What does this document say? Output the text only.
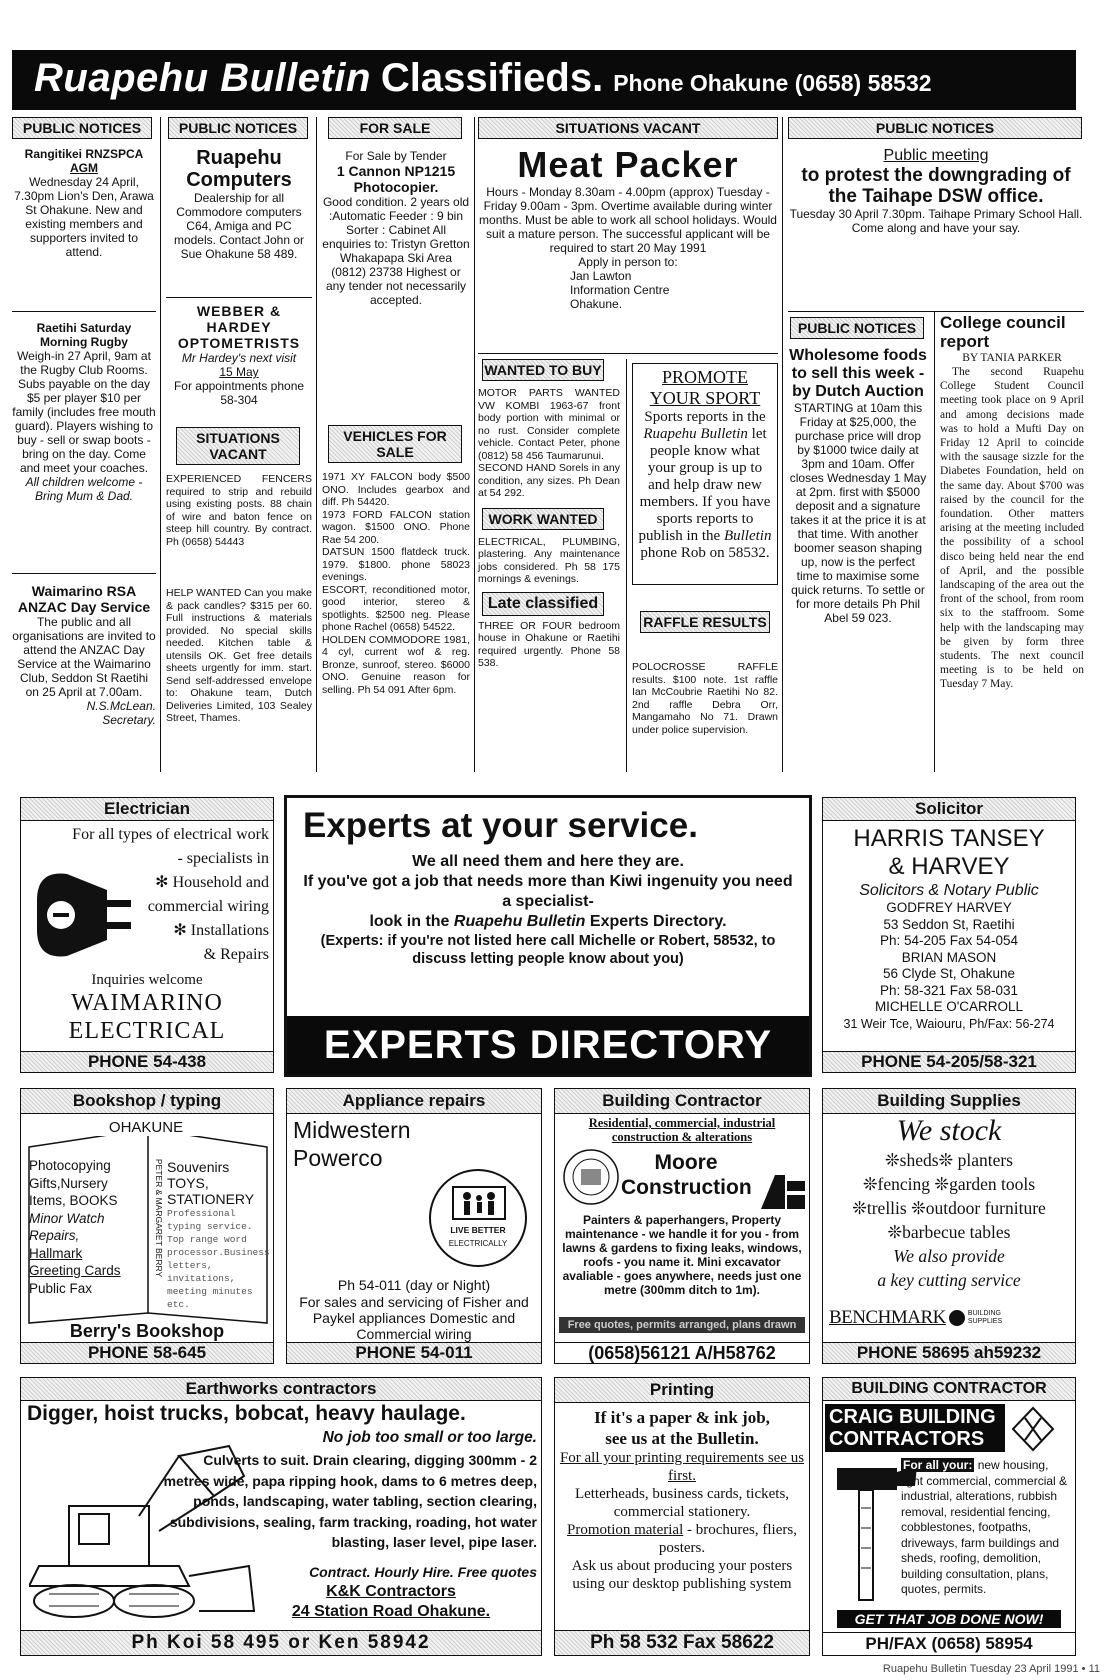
Ruapehu Bulletin Classifieds. Phone Ohakune (0658) 58532
PUBLIC NOTICES
Rangitikei RNZSPCA
AGM
Wednesday 24 April, 7.30pm Lion's Den, Arawa St Ohakune. New and existing members and supporters invited to attend.
Raetihi Saturday Morning Rugby
Weigh-in 27 April, 9am at the Rugby Club Rooms. Subs payable on the day $5 per player $10 per family (includes free mouth guard). Players wishing to buy - sell or swap boots - bring on the day. Come and meet your coaches.
All children welcome - Bring Mum & Dad.
Waimarino RSA ANZAC Day Service
The public and all organisations are invited to attend the ANZAC Day Service at the Waimarino Club, Seddon St Raetihi on 25 April at 7.00am.
N.S.McLean.
Secretary.
PUBLIC NOTICES
Ruapehu Computers
Dealership for all Commodore computers C64, Amiga and PC models. Contact John or Sue Ohakune 58 489.
WEBBER & HARDEY OPTOMETRISTS
Mr Hardey's next visit
15 May
For appointments phone 58-304
SITUATIONS VACANT
EXPERIENCED FENCERS required to strip and rebuild using existing posts. 88 chain of wire and baton fence on steep hill country. By contract. Ph (0658) 54443
HELP WANTED Can you make & pack candles? $315 per 60. Full instructions & materials provided. No special skills needed. Kitchen table & utensils OK. Get free details sheets urgently for imm. start. Send self-addressed envelope to: Ohakune team, Dutch Deliveries Limited, 103 Sealey Street, Thames.
FOR SALE
For Sale by Tender
1 Cannon NP1215 Photocopier.
Good condition. 2 years old :Automatic Feeder : 9 bin Sorter : Cabinet All enquiries to: Tristyn Gretton Whakapapa Ski Area (0812) 23738 Highest or any tender not necessarily accepted.
VEHICLES FOR SALE
1971 XY FALCON body $500 ONO. Includes gearbox and diff. Ph 54420.
1973 FORD FALCON station wagon. $1500 ONO. Phone Rae 54 200.
DATSUN 1500 flatdeck truck. 1979. $1800. phone 58023 evenings.
ESCORT, reconditioned motor, good interior, stereo & spotlights. $2500 neg. Please phone Rachel (0658) 54522.
HOLDEN COMMODORE 1981, 4 cyl, current wof & reg. Bronze, sunroof, stereo. $6000 ONO. Genuine reason for selling. Ph 54 091 After 6pm.
SITUATIONS VACANT
Meat Packer
Hours - Monday 8.30am - 4.00pm (approx) Tuesday - Friday 9.00am - 3pm. Overtime available during winter months. Must be able to work all school holidays. Would suit a mature person. The successful applicant will be required to start 20 May 1991
Apply in person to:
Jan Lawton
Information Centre
Ohakune.
WANTED TO BUY
MOTOR PARTS WANTED VW KOMBI 1963-67 front body portion with minimal or no rust. Consider complete vehicle. Contact Peter, phone (0812) 58 456 Taumarunui.
SECOND HAND Sorels in any condition, any sizes. Ph Dean at 54 292.
WORK WANTED
ELECTRICAL, PLUMBING, plastering. Any maintenance jobs considered. Ph 58 175 mornings & evenings.
Late classified
THREE OR FOUR bedroom house in Ohakune or Raetihi required urgently. Phone 58 538.
PROMOTE
YOUR SPORT
Sports reports in the Ruapehu Bulletin let people know what your group is up to and help draw new members. If you have sports reports to publish in the Bulletin phone Rob on 58532.
RAFFLE RESULTS
POLOCROSSE RAFFLE results. $100 note. 1st raffle Ian McCoubrie Raetihi No 82. 2nd raffle Debra Orr, Mangamaho No 71. Drawn under police supervision.
PUBLIC NOTICES
Public meeting
to protest the downgrading of the Taihape DSW office.
Tuesday 30 April 7.30pm. Taihape Primary School Hall. Come along and have your say.
PUBLIC NOTICES
Wholesome foods to sell this week - by Dutch Auction
STARTING at 10am this Friday at $25,000, the purchase price will drop by $1000 twice daily at 3pm and 10am. Offer closes Wednesday 1 May at 2pm. first with $5000 deposit and a signature takes it at the price it is at that time. With another boomer season shaping up, now is the perfect time to maximise some quick returns. To settle or for more details Ph Phil Abel 59 023.
College council report
BY TANIA PARKER
The second Ruapehu College Student Council meeting took place on 9 April and among decisions made was to hold a Mufti Day on Friday 12 April to coincide with the sausage sizzle for the Diabetes Foundation, held on the same day. About $700 was raised by the council for the foundation. Other matters arising at the meeting included the possibility of a school disco being held near the end of April, and the possible landscaping of the area out the front of the school, from room six to the staffroom. Some help with the landscaping may be given by form three students. The next council meeting is to be held on Tuesday 7 May.
Electrician
For all types of electrical work
- specialists in
✻ Household and
commercial wiring
✻ Installations
& Repairs
Inquiries welcome
WAIMARINO
ELECTRICAL
PHONE 54-438
Experts at your service.
We all need them and here they are.
If you've got a job that needs more than Kiwi ingenuity you need a specialist-
look in the Ruapehu Bulletin Experts Directory.
(Experts: if you're not listed here call Michelle or Robert, 58532, to discuss letting people know about you)
EXPERTS DIRECTORY
Solicitor
HARRIS TANSEY
& HARVEY
Solicitors & Notary Public
GODFREY HARVEY
53 Seddon St, Raetihi
Ph: 54-205 Fax 54-054
BRIAN MASON
56 Clyde St, Ohakune
Ph: 58-321 Fax 58-031
MICHELLE O'CARROLL
31 Weir Tce, Waiouru, Ph/Fax: 56-274
PHONE 54-205/58-321
Bookshop / typing
OHAKUNE
Photocopying
Gifts,Nursery
Items, BOOKS
Minor Watch
Repairs,
Hallmark
Greeting Cards
Public Fax
PETER & MARGARET BERRY Souvenirs
TOYS,
STATIONERY
Professional typing service. Top range word processor.Business letters, invitations, meeting minutes etc.
Berry's Bookshop
PHONE 58-645
Appliance repairs
Midwestern
Powerco
LIVE BETTER
ELECTRICALLY
Ph 54-011 (day or Night)
For sales and servicing of Fisher and Paykel appliances Domestic and Commercial wiring
PHONE 54-011
Building Contractor
Residential, commercial, industrial construction & alterations
Moore
Construction
Painters & paperhangers, Property maintenance - we handle it for you - from lawns & gardens to fixing leaks, windows, roofs - you name it. Mini excavator avaliable - goes anywhere, needs just one metre (300mm ditch to 1m).
Free quotes, permits arranged, plans drawn
(0658)56121 A/H58762
Building Supplies
We stock
❊sheds❊ planters
❊fencing ❊garden tools
❊trellis ❊outdoor furniture
❊barbecue tables
We also provide
a key cutting service
BENCHMARK	BUILDING SUPPLIES
PHONE 58695 ah59232
Earthworks contractors
Digger, hoist trucks, bobcat, heavy haulage.
No job too small or too large.
Culverts to suit. Drain clearing, digging 300mm - 2 metres wide, papa ripping hook, dams to 6 metres deep, ponds, landscaping, water tabling, section clearing, subdivisions, sealing, farm tracking, roading, hot water blasting, laser level, pipe laser.
Contract. Hourly Hire. Free quotes
K&K Contractors
24 Station Road Ohakune.
Ph Koi 58 495 or Ken 58942
Printing
If it's a paper & ink job,
see us at the Bulletin.
For all your printing requirements see us first.
Letterheads, business cards, tickets, commercial stationery.
Promotion material - brochures, fliers, posters.
Ask us about producing your posters using our desktop publishing system
Ph 58 532 Fax 58622
BUILDING CONTRACTOR
CRAIG BUILDING
CONTRACTORS
For all your: new housing, light commercial, commercial & industrial, alterations, rubbish removal, residential fencing, cobblestones, footpaths, driveways, farm buildings and sheds, roofing, demolition, building consultation, plans, quotes, permits.
GET THAT JOB DONE NOW!
PH/FAX (0658) 58954
Ruapehu Bulletin Tuesday 23 April 1991 • 11
